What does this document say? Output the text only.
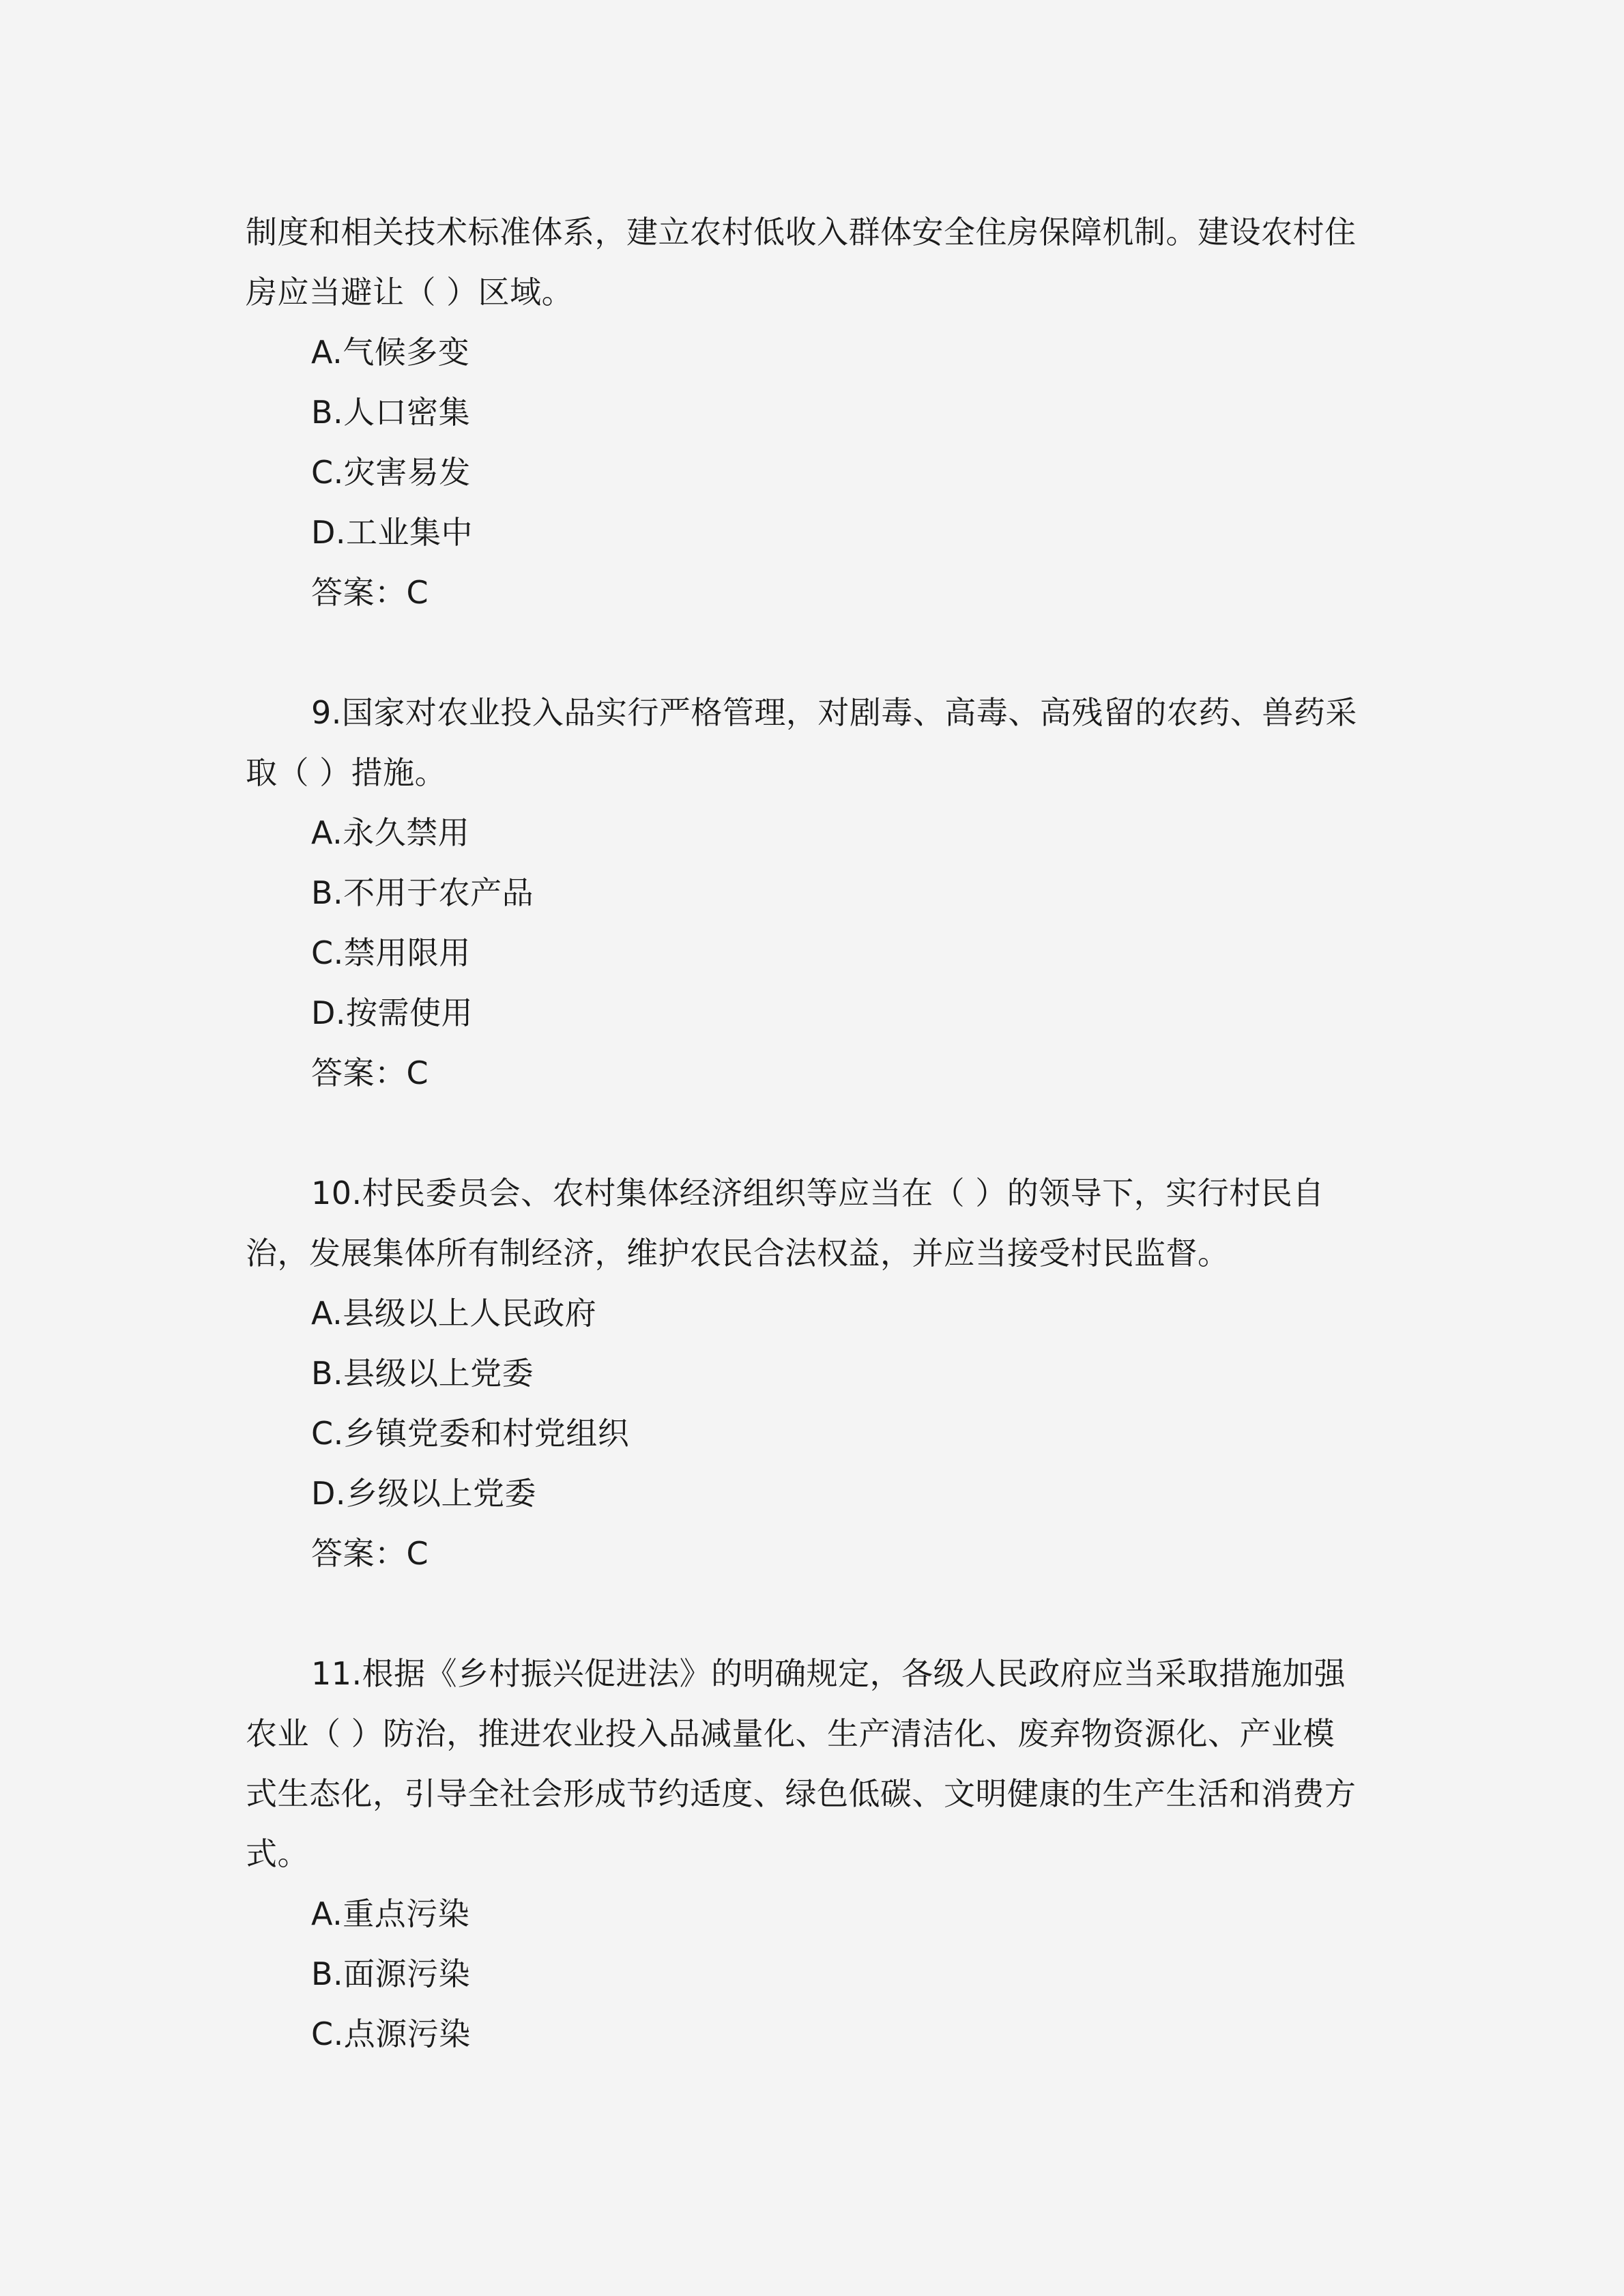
制度和相关技术标准体系，建立农村低收入群体安全住房保障机制。建设农村住
房应当避让（ ）区域。
A.气候多变
B.人口密集
C.灾害易发
D.工业集中
答案：C
9.国家对农业投入品实行严格管理，对剧毒、高毒、高残留的农药、兽药采
取（ ）措施。
A.永久禁用
B.不用于农产品
C.禁用限用
D.按需使用
答案：C
10.村民委员会、农村集体经济组织等应当在（ ）的领导下，实行村民自
治，发展集体所有制经济，维护农民合法权益，并应当接受村民监督。
A.县级以上人民政府
B.县级以上党委
C.乡镇党委和村党组织
D.乡级以上党委
答案：C
11.根据《乡村振兴促进法》的明确规定，各级人民政府应当采取措施加强
农业（ ）防治，推进农业投入品减量化、生产清洁化、废弃物资源化、产业模
式生态化，引导全社会形成节约适度、绿色低碳、文明健康的生产生活和消费方
式。
A.重点污染
B.面源污染
C.点源污染
